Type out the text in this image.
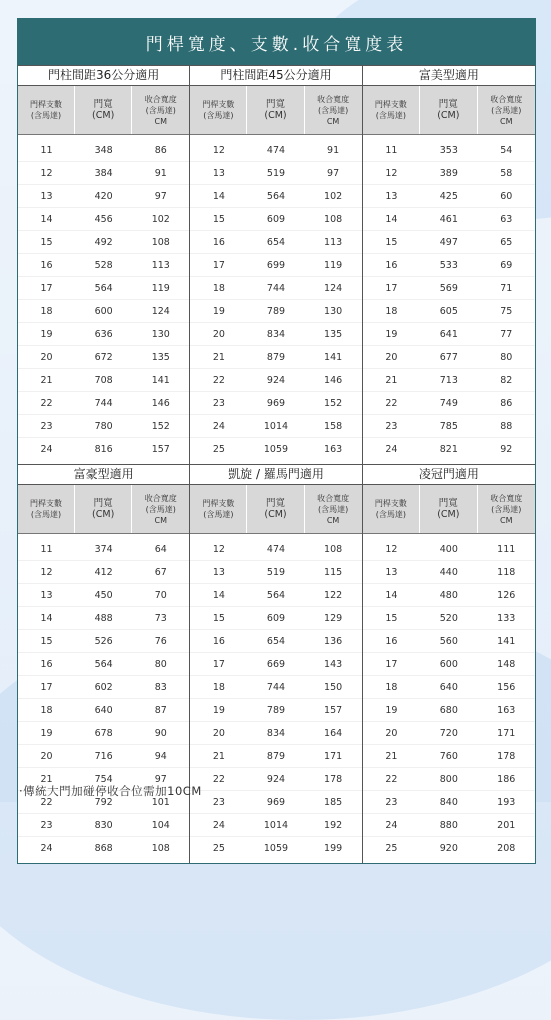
門桿寬度、支數.收合寬度表
門柱間距36公分適用
門桿支數
(含馬達)
門寬
(CM)
收合寬度
(含馬達)
CM
11	348	86
12	384	91
13	420	97
14	456	102
15	492	108
16	528	113
17	564	119
18	600	124
19	636	130
20	672	135
21	708	141
22	744	146
23	780	152
24	816	157
門柱間距45公分適用
門桿支數
(含馬達)
門寬
(CM)
收合寬度
(含馬達)
CM
12	474	91
13	519	97
14	564	102
15	609	108
16	654	113
17	699	119
18	744	124
19	789	130
20	834	135
21	879	141
22	924	146
23	969	152
24	1014	158
25	1059	163
富美型適用
門桿支數
(含馬達)
門寬
(CM)
收合寬度
(含馬達)
CM
11	353	54
12	389	58
13	425	60
14	461	63
15	497	65
16	533	69
17	569	71
18	605	75
19	641	77
20	677	80
21	713	82
22	749	86
23	785	88
24	821	92
富豪型適用
門桿支數
(含馬達)
門寬
(CM)
收合寬度
(含馬達)
CM
11	374	64
12	412	67
13	450	70
14	488	73
15	526	76
16	564	80
17	602	83
18	640	87
19	678	90
20	716	94
21	754	97
22	792	101
23	830	104
24	868	108
凱旋 / 羅馬門適用
門桿支數
(含馬達)
門寬
(CM)
收合寬度
(含馬達)
CM
12	474	108
13	519	115
14	564	122
15	609	129
16	654	136
17	669	143
18	744	150
19	789	157
20	834	164
21	879	171
22	924	178
23	969	185
24	1014	192
25	1059	199
凌冠門適用
門桿支數
(含馬達)
門寬
(CM)
收合寬度
(含馬達)
CM
12	400	111
13	440	118
14	480	126
15	520	133
16	560	141
17	600	148
18	640	156
19	680	163
20	720	171
21	760	178
22	800	186
23	840	193
24	880	201
25	920	208
·傳統大門加碰停收合位需加10CM
